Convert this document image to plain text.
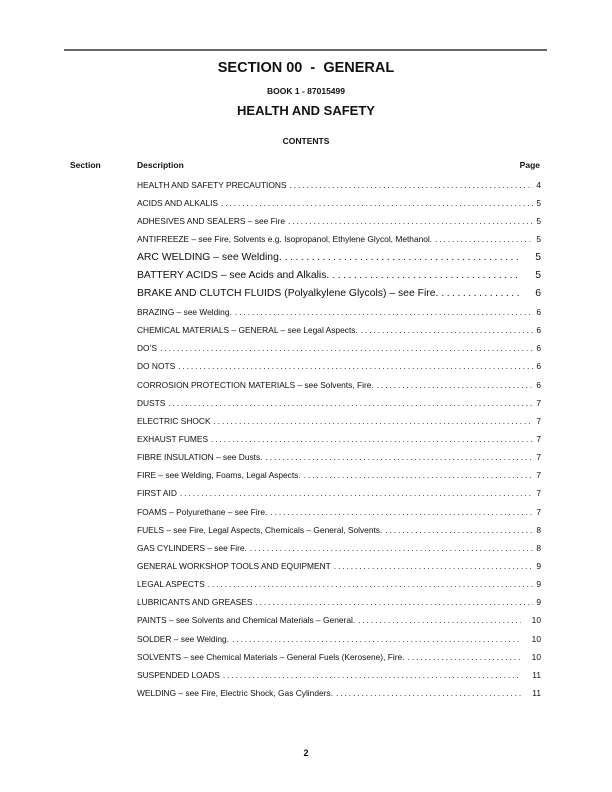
SECTION 00  -  GENERAL
BOOK 1 - 87015499
HEALTH AND SAFETY
CONTENTS
Section	Description	Page
HEALTH AND SAFETY PRECAUTIONS . . .	4
ACIDS AND ALKALIS . . .	5
ADHESIVES AND SEALERS – see Fire . . .	5
ANTIFREEZE – see Fire, Solvents e.g. Isopropanol, Ethylene Glycol, Methanol. . . .	5
ARC WELDING – see Welding. . . .	5
BATTERY ACIDS – see Acids and Alkalis. . . .	5
BRAKE AND CLUTCH FLUIDS (Polyalkylene Glycols) – see Fire. . . .	6
BRAZING – see Welding. . . .	6
CHEMICAL MATERIALS – GENERAL – see Legal Aspects. . . .	6
DO’S . . .	6
DO NOTS . . .	6
CORROSION PROTECTION MATERIALS – see Solvents, Fire. . . .	6
DUSTS . . .	7
ELECTRIC SHOCK . . .	7
EXHAUST FUMES . . .	7
FIBRE INSULATION – see Dusts. . . .	7
FIRE – see Welding, Foams, Legal Aspects. . . .	7
FIRST AID . . .	7
FOAMS – Polyurethane – see Fire. . . .	7
FUELS – see Fire, Legal Aspects, Chemicals – General, Solvents. . . .	8
GAS CYLINDERS – see Fire. . . .	8
GENERAL WORKSHOP TOOLS AND EQUIPMENT . . .	9
LEGAL ASPECTS . . .	9
LUBRICANTS AND GREASES . . .	9
PAINTS – see Solvents and Chemical Materials – General. . . .	10
SOLDER – see Welding. . . .	10
SOLVENTS – see Chemical Materials – General Fuels (Kerosene), Fire. . . .	10
SUSPENDED LOADS . . .	11
WELDING – see Fire, Electric Shock, Gas Cylinders. . . .	11
2
